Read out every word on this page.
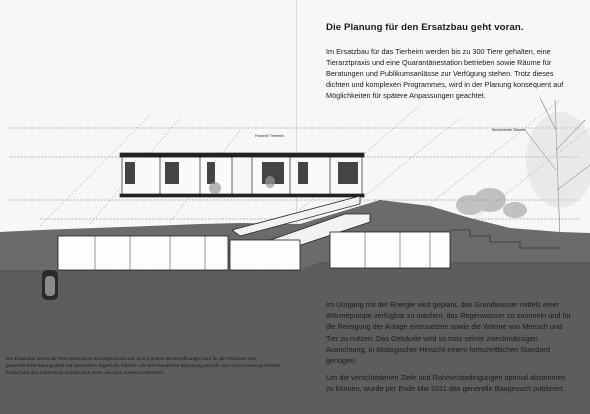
Parzelle Tierheim
Bestehende Bäume
Die Planung für den Ersatzbau geht voran.

Im Ersatzbau für das Tierheim werden bis zu 300 Tiere gehalten, eine Tierarztpraxis und eine Quarantänestation betrieben sowie Räume für Beratungen und Publikumsanlässe zur Verfügung stehen. Trotz dieses dichten und komplexen Programmes, wird in der Planung konsequent auf Möglichkeiten für spätere Anpassungen geachtet.

Der Ersatzbau nimmt die Tiere bewusst im Sockelgeschoss auf. Durch grosse Deckenöffnungen wird für die Tierboxen eine gartenähnliche Raumqualität mit natürlichem Tageslicht, frischer Luft und freundlicher Begrünung erreicht. Der nach Aussen geschützte Sockel wird den Lärmschutz sowohl nach Innen wie nach Aussen verbessern.

Im Umgang mit der Energie wird geplant, das Grundwasser mittels einer Wärmepumpe verfügbar zu machen, das Regenwasser zu sammeln und für die Reinigung der Anlage einzusetzen sowie die Wärme von Mensch und Tier zu nutzen. Das Gebäude wird so trotz seiner zweckmässigen Ausrichtung, in ökologischer Hinsicht einem fortschrittlichen Standard genügen.

Um die verschiedenen Ziele und Rahmenbedingungen optimal abstimmen zu können, wurde per Ende Mai 2011 das generelle Baugesuch publiziert.
